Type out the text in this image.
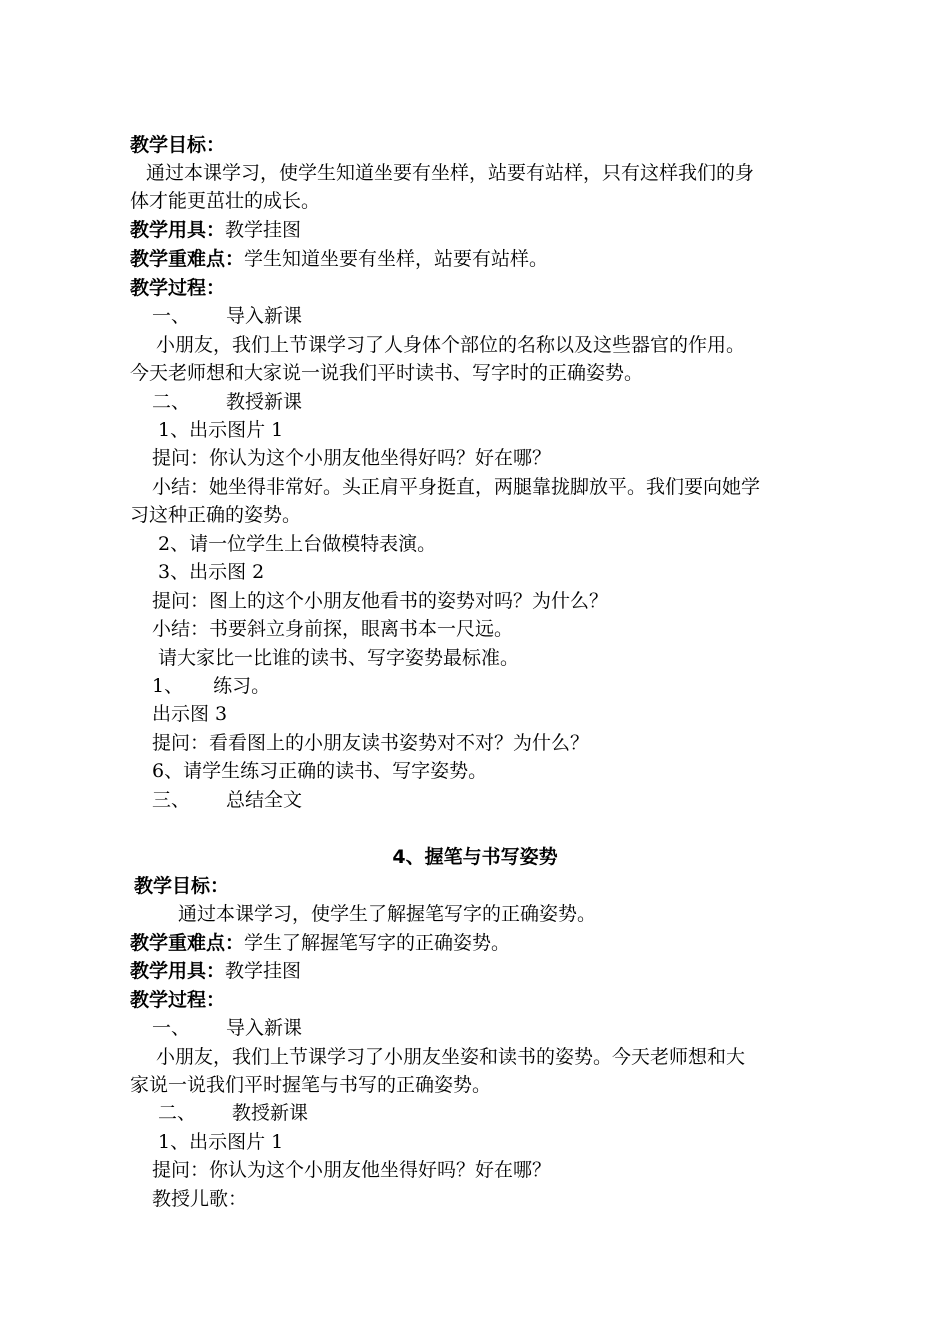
教学目标：
通过本课学习，使学生知道坐要有坐样，站要有站样，只有这样我们的身
体才能更茁壮的成长。
教学用具：教学挂图
教学重难点：学生知道坐要有坐样，站要有站样。
教学过程：
一、 导入新课
小朋友，我们上节课学习了人身体个部位的名称以及这些器官的作用。
今天老师想和大家说一说我们平时读书、写字时的正确姿势。
二、 教授新课
1、出示图片 1
提问：你认为这个小朋友他坐得好吗？好在哪？
小结：她坐得非常好。头正肩平身挺直，两腿靠拢脚放平。我们要向她学
习这种正确的姿势。
2、请一位学生上台做模特表演。
3、出示图 2
提问：图上的这个小朋友他看书的姿势对吗？为什么？
小结：书要斜立身前探，眼离书本一尺远。
请大家比一比谁的读书、写字姿势最标准。
1、 练习。
出示图 3
提问：看看图上的小朋友读书姿势对不对？为什么？
6、请学生练习正确的读书、写字姿势。
三、 总结全文
4、握笔与书写姿势
教学目标：
通过本课学习，使学生了解握笔写字的正确姿势。
教学重难点：学生了解握笔写字的正确姿势。
教学用具：教学挂图
教学过程：
一、 导入新课
小朋友，我们上节课学习了小朋友坐姿和读书的姿势。今天老师想和大
家说一说我们平时握笔与书写的正确姿势。
二、 教授新课
1、出示图片 1
提问：你认为这个小朋友他坐得好吗？好在哪？
教授儿歌：
